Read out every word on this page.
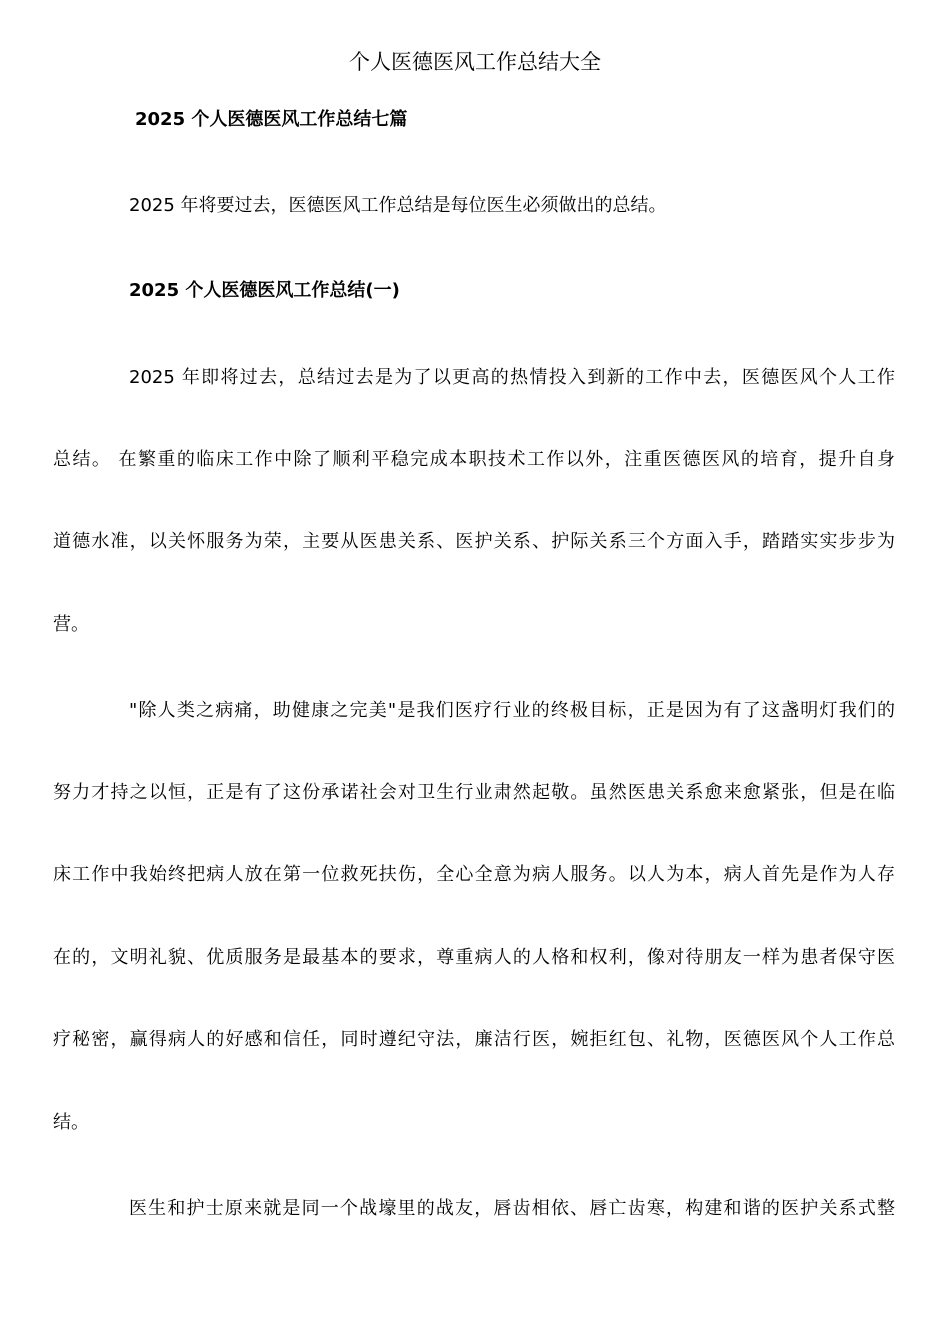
个人医德医风工作总结大全

2025 个人医德医风工作总结七篇

2025 年将要过去，医德医风工作总结是每位医生必须做出的总结。

2025 个人医德医风工作总结(一)

2025 年即将过去，总结过去是为了以更高的热情投入到新的工作中去，医德医风个人工作

总结。 在繁重的临床工作中除了顺利平稳完成本职技术工作以外，注重医德医风的培育，提升自身

道德水准，以关怀服务为荣，主要从医患关系、医护关系、护际关系三个方面入手，踏踏实实步步为

营。

"除人类之病痛，助健康之完美"是我们医疗行业的终极目标，正是因为有了这盏明灯我们的

努力才持之以恒，正是有了这份承诺社会对卫生行业肃然起敬。虽然医患关系愈来愈紧张，但是在临

床工作中我始终把病人放在第一位救死扶伤，全心全意为病人服务。以人为本，病人首先是作为人存

在的，文明礼貌、优质服务是最基本的要求，尊重病人的人格和权利，像对待朋友一样为患者保守医

疗秘密，赢得病人的好感和信任，同时遵纪守法，廉洁行医，婉拒红包、礼物，医德医风个人工作总

结。

医生和护士原来就是同一个战壕里的战友，唇齿相依、唇亡齿寒，构建和谐的医护关系式整
